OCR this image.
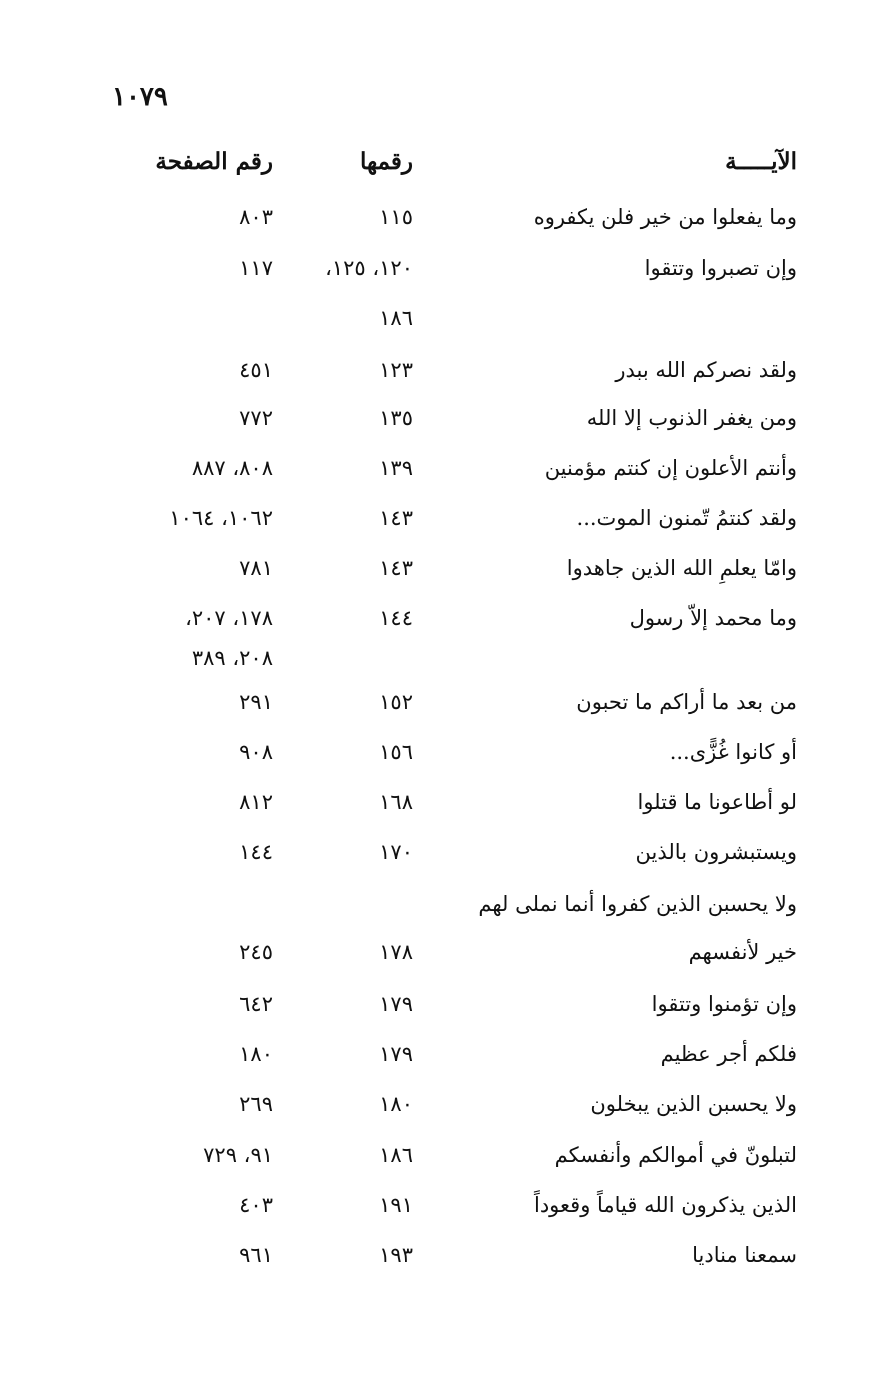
١٠٧٩
الآيـــــة
رقمها
رقم الصفحة
وما يفعلوا من خير فلن يكفروه
١١٥
٨٠٣
وإن تصبروا وتتقوا
١٢٠، ١٢٥،
١١٧
١٨٦
ولقد نصركم الله ببدر
١٢٣
٤٥١
ومن يغفر الذنوب إلا الله
١٣٥
٧٧٢
وأنتم الأعلون إن كنتم مؤمنين
١٣٩
٨٠٨، ٨٨٧
ولقد كنتمُ تّمنون الموت...
١٤٣
١٠٦٢، ١٠٦٤
وامّا يعلمِ الله الذين جاهدوا
١٤٣
٧٨١
وما محمد إلاّ رسول
١٤٤
١٧٨، ٢٠٧،
٢٠٨، ٣٨٩
من بعد ما أراكم ما تحبون
١٥٢
٢٩١
أو كانوا غُزًّى...
١٥٦
٩٠٨
لو أطاعونا ما قتلوا
١٦٨
٨١٢
ويستبشرون بالذين
١٧٠
١٤٤
ولا يحسبن الذين كفروا أنما نملى لهم
خير لأنفسهم
١٧٨
٢٤٥
وإن تؤمنوا وتتقوا
١٧٩
٦٤٢
فلكم أجر عظيم
١٧٩
١٨٠
ولا يحسبن الذين يبخلون
١٨٠
٢٦٩
لتبلونّ في أموالكم وأنفسكم
١٨٦
٩١، ٧٢٩
الذين يذكرون الله قياماً وقعوداً
١٩١
٤٠٣
سمعنا مناديا
١٩٣
٩٦١
